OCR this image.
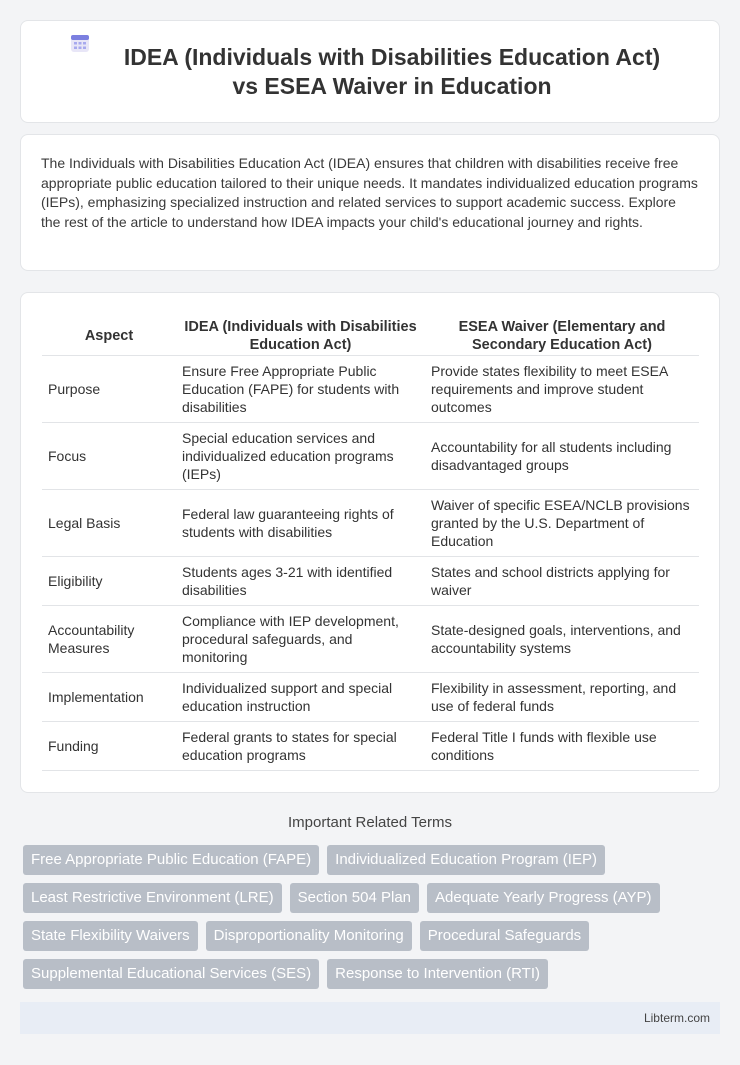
IDEA (Individuals with Disabilities Education Act) vs ESEA Waiver in Education

The Individuals with Disabilities Education Act (IDEA) ensures that children with disabilities receive free appropriate public education tailored to their unique needs. It mandates individualized education programs (IEPs), emphasizing specialized instruction and related services to support academic success. Explore the rest of the article to understand how IDEA impacts your child's educational journey and rights.

Aspect	IDEA (Individuals with Disabilities Education Act)	ESEA Waiver (Elementary and Secondary Education Act)
Purpose	Ensure Free Appropriate Public Education (FAPE) for students with disabilities	Provide states flexibility to meet ESEA requirements and improve student outcomes
Focus	Special education services and individualized education programs (IEPs)	Accountability for all students including disadvantaged groups
Legal Basis	Federal law guaranteeing rights of students with disabilities	Waiver of specific ESEA/NCLB provisions granted by the U.S. Department of Education
Eligibility	Students ages 3-21 with identified disabilities	States and school districts applying for waiver
Accountability Measures	Compliance with IEP development, procedural safeguards, and monitoring	State-designed goals, interventions, and accountability systems
Implementation	Individualized support and special education instruction	Flexibility in assessment, reporting, and use of federal funds
Funding	Federal grants to states for special education programs	Federal Title I funds with flexible use conditions
Important Related Terms
Free Appropriate Public Education (FAPE)	Individualized Education Program (IEP)
Least Restrictive Environment (LRE)	Section 504 Plan	Adequate Yearly Progress (AYP)
State Flexibility Waivers	Disproportionality Monitoring	Procedural Safeguards
Supplemental Educational Services (SES)	Response to Intervention (RTI)
Libterm.com
